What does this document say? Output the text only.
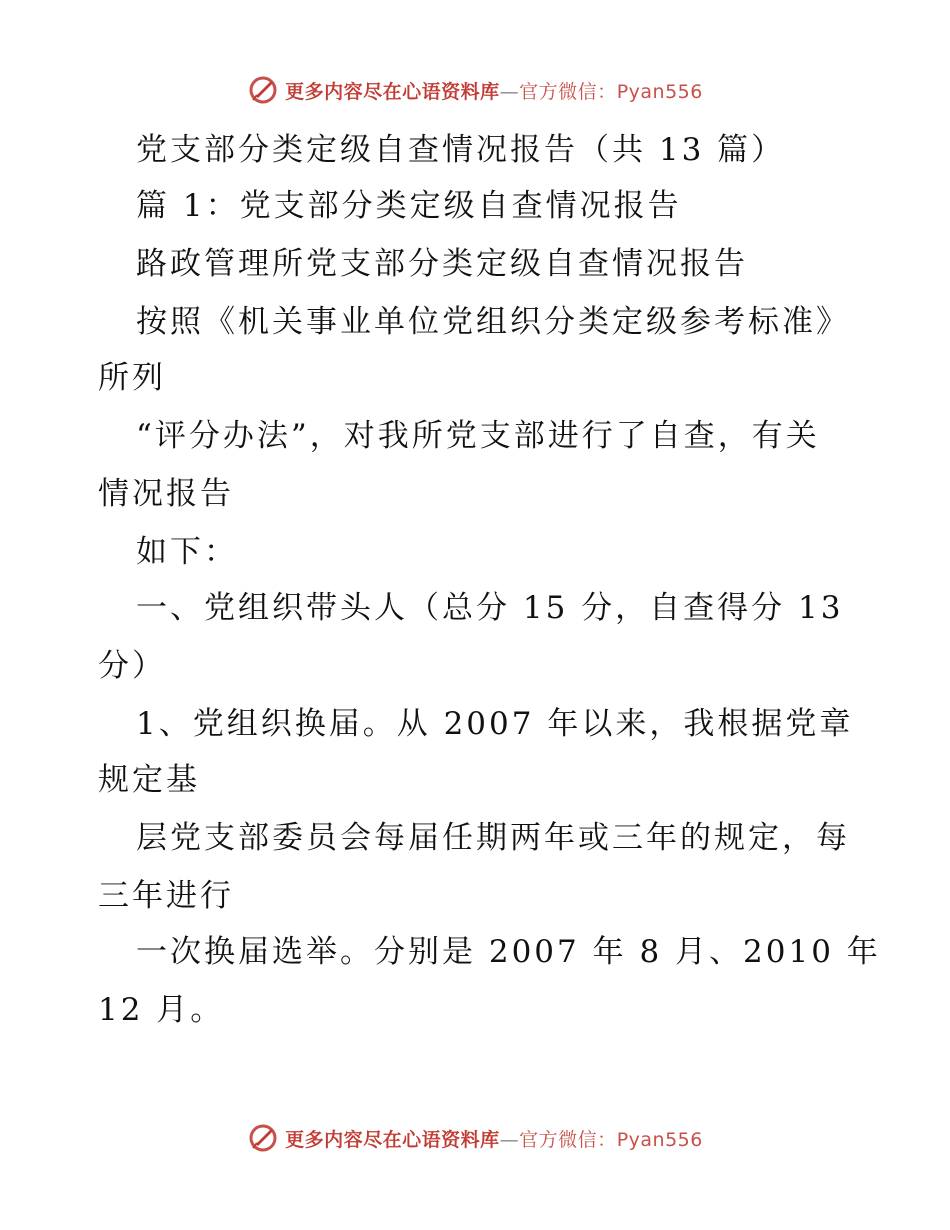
更多内容尽在心语资料库—官方微信：Pyan556
党支部分类定级自查情况报告（共 13 篇）
篇 1：党支部分类定级自查情况报告
路政管理所党支部分类定级自查情况报告
按照《机关事业单位党组织分类定级参考标准》
所列
“评分办法”，对我所党支部进行了自查，有关
情况报告
如下：
一、党组织带头人（总分 15 分，自查得分 13
分）
1、党组织换届。从 2007 年以来，我根据党章
规定基
层党支部委员会每届任期两年或三年的规定，每
三年进行
一次换届选举。分别是 2007 年 8 月、2010 年
12 月。
更多内容尽在心语资料库—官方微信：Pyan556
